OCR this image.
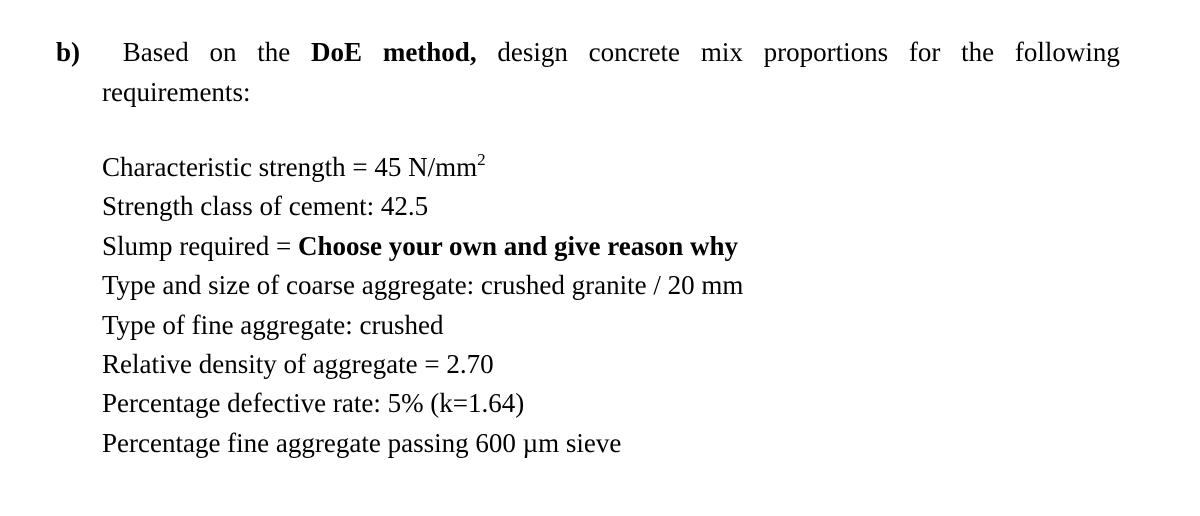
b)	Based on the DoE method, design concrete mix proportions for the following
requirements:
Characteristic strength = 45 $N/mm^2$
Strength class of cement: 42.5
Slump required = Choose your own and give reason why
Type and size of coarse aggregate: crushed granite / 20 mm
Type of fine aggregate: crushed
Relative density of aggregate = 2.70
Percentage defective rate: 5% (k=1.64)
Percentage fine aggregate passing 600 µm sieve
